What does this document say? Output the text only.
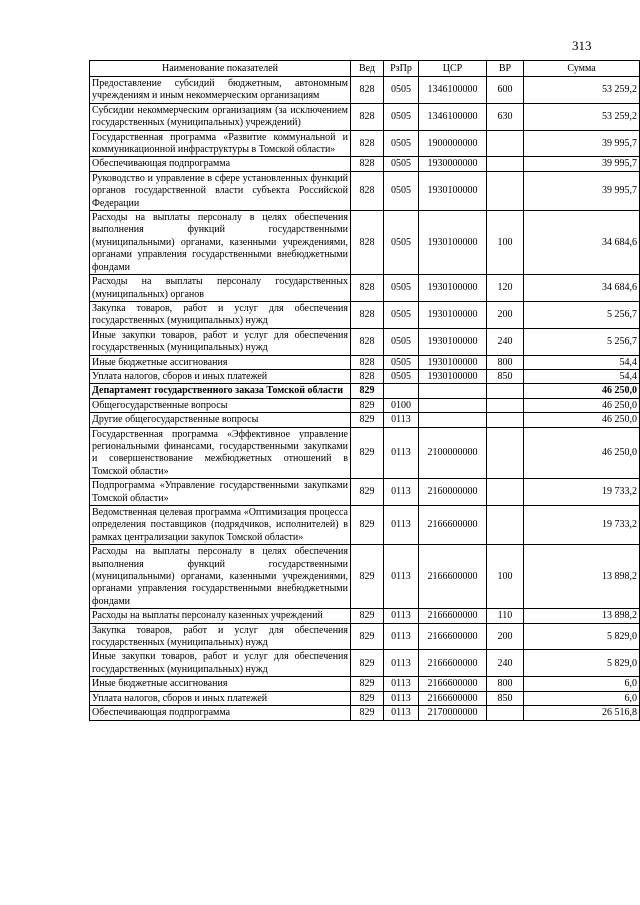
313
Наименование показателей	Вед	РзПр	ЦСР	ВР	Сумма
Предоставление субсидий бюджетным, автономным учреждениям и иным некоммерческим организациям	828	0505	1346100000	600	53 259,2
Субсидии некоммерческим организациям (за исключением государственных (муниципальных) учреждений)	828	0505	1346100000	630	53 259,2
Государственная программа «Развитие коммунальной и коммуникационной инфраструктуры в Томской области»	828	0505	1900000000		39 995,7
Обеспечивающая подпрограмма	828	0505	1930000000		39 995,7
Руководство и управление в сфере установленных функций органов государственной власти субъекта Российской Федерации	828	0505	1930100000		39 995,7
Расходы на выплаты персоналу в целях обеспечения выполнения функций государственными (муниципальными) органами, казенными учреждениями, органами управления государственными внебюджетными фондами	828	0505	1930100000	100	34 684,6
Расходы на выплаты персоналу государственных (муниципальных) органов	828	0505	1930100000	120	34 684,6
Закупка товаров, работ и услуг для обеспечения государственных (муниципальных) нужд	828	0505	1930100000	200	5 256,7
Иные закупки товаров, работ и услуг для обеспечения государственных (муниципальных) нужд	828	0505	1930100000	240	5 256,7
Иные бюджетные ассигнования	828	0505	1930100000	800	54,4
Уплата налогов, сборов и иных платежей	828	0505	1930100000	850	54,4
Департамент государственного заказа Томской области	829				46 250,0
Общегосударственные вопросы	829	0100			46 250,0
Другие общегосударственные вопросы	829	0113			46 250,0
Государственная программа «Эффективное управление региональными финансами, государственными закупками и совершенствование межбюджетных отношений в Томской области»	829	0113	2100000000		46 250,0
Подпрограмма «Управление государственными закупками Томской области»	829	0113	2160000000		19 733,2
Ведомственная целевая программа «Оптимизация процесса определения поставщиков (подрядчиков, исполнителей) в рамках централизации закупок Томской области»	829	0113	2166600000		19 733,2
Расходы на выплаты персоналу в целях обеспечения выполнения функций государственными (муниципальными) органами, казенными учреждениями, органами управления государственными внебюджетными фондами	829	0113	2166600000	100	13 898,2
Расходы на выплаты персоналу казенных учреждений	829	0113	2166600000	110	13 898,2
Закупка товаров, работ и услуг для обеспечения государственных (муниципальных) нужд	829	0113	2166600000	200	5 829,0
Иные закупки товаров, работ и услуг для обеспечения государственных (муниципальных) нужд	829	0113	2166600000	240	5 829,0
Иные бюджетные ассигнования	829	0113	2166600000	800	6,0
Уплата налогов, сборов и иных платежей	829	0113	2166600000	850	6,0
Обеспечивающая подпрограмма	829	0113	2170000000		26 516,8
